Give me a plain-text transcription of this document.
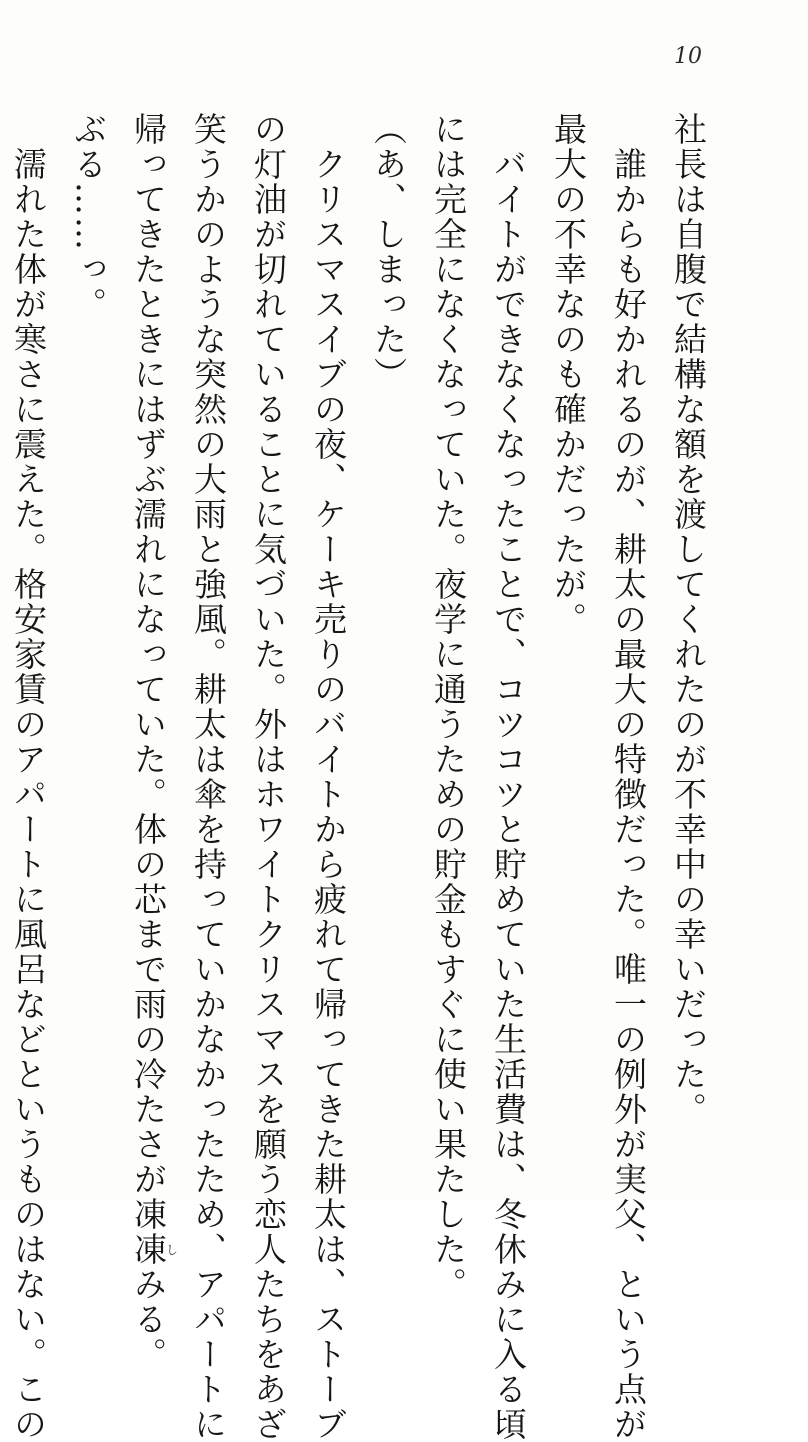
10
社長は自腹で結構な額を渡してくれたのが不幸中の幸いだった。
　誰からも好かれるのが、耕太の最大の特徴だった。唯一の例外が実父、という点が
最大の不幸なのも確かだったが。
　バイトができなくなったことで、コツコツと貯めていた生活費は、冬休みに入る頃
には完全になくなっていた。夜学に通うための貯金もすぐに使い果たした。
（あ、しまった）
　クリスマスイブの夜、ケーキ売りのバイトから疲れて帰ってきた耕太は、ストーブ
の灯油が切れていることに気づいた。外はホワイトクリスマスを願う恋人たちをあざ
笑うかのような突然の大雨と強風。耕太は傘を持っていかなかったため、アパートに
帰ってきたときにはずぶ濡れになっていた。体の芯まで雨の冷たさが凍凍しみる。
ぶる……っ。
　濡れた体が寒さに震えた。格安家賃のアパートに風呂などというものはない。この
